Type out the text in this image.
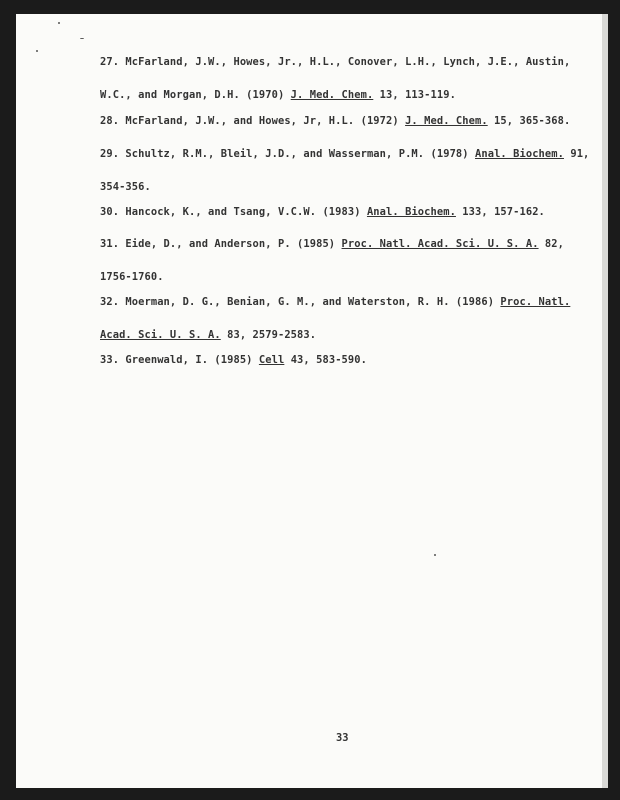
27. McFarland, J.W., Howes, Jr., H.L., Conover, L.H., Lynch, J.E., Austin,
W.C., and Morgan, D.H. (1970) J. Med. Chem. 13, 113-119.
28. McFarland, J.W., and Howes, Jr, H.L. (1972) J. Med. Chem. 15, 365-368.
29. Schultz, R.M., Bleil, J.D., and Wasserman, P.M. (1978) Anal. Biochem. 91,
354-356.
30. Hancock, K., and Tsang, V.C.W. (1983) Anal. Biochem. 133, 157-162.
31. Eide, D., and Anderson, P. (1985) Proc. Natl. Acad. Sci. U. S. A. 82,
1756-1760.
32. Moerman, D. G., Benian, G. M., and Waterston, R. H. (1986) Proc. Natl.
Acad. Sci. U. S. A. 83, 2579-2583.
33. Greenwald, I. (1985) Cell 43, 583-590.
33
